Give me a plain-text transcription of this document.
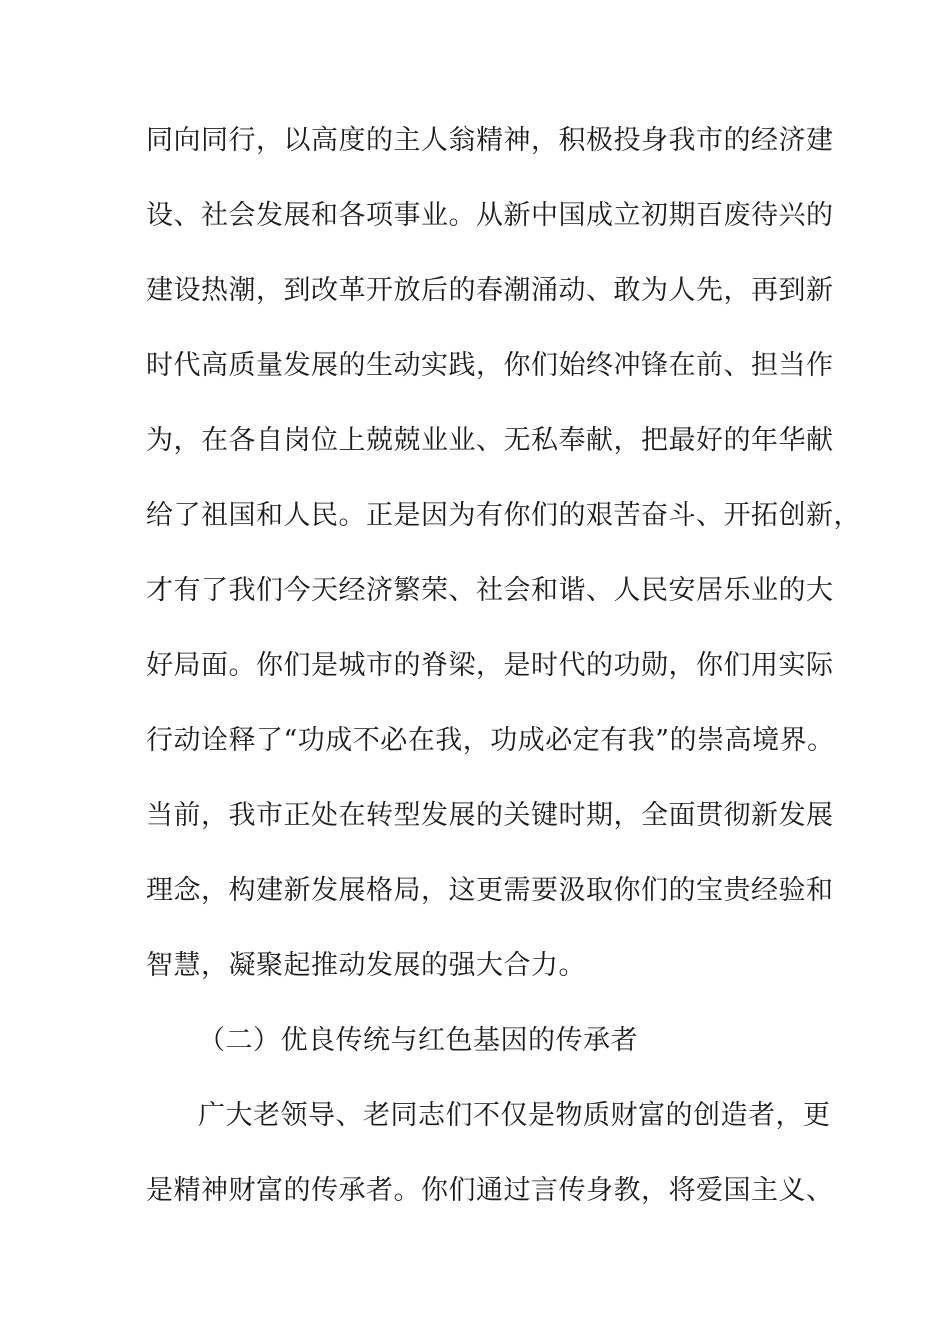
同向同行，以高度的主人翁精神，积极投身我市的经济建
设、社会发展和各项事业。从新中国成立初期百废待兴的
建设热潮，到改革开放后的春潮涌动、敢为人先，再到新
时代高质量发展的生动实践，你们始终冲锋在前、担当作
为，在各自岗位上兢兢业业、无私奉献，把最好的年华献
给了祖国和人民。正是因为有你们的艰苦奋斗、开拓创新，
才有了我们今天经济繁荣、社会和谐、人民安居乐业的大
好局面。你们是城市的脊梁，是时代的功勋，你们用实际
行动诠释了“功成不必在我，功成必定有我”的崇高境界。
当前，我市正处在转型发展的关键时期，全面贯彻新发展
理念，构建新发展格局，这更需要汲取你们的宝贵经验和
智慧，凝聚起推动发展的强大合力。
（二）优良传统与红色基因的传承者
广大老领导、老同志们不仅是物质财富的创造者，更
是精神财富的传承者。你们通过言传身教，将爱国主义、
